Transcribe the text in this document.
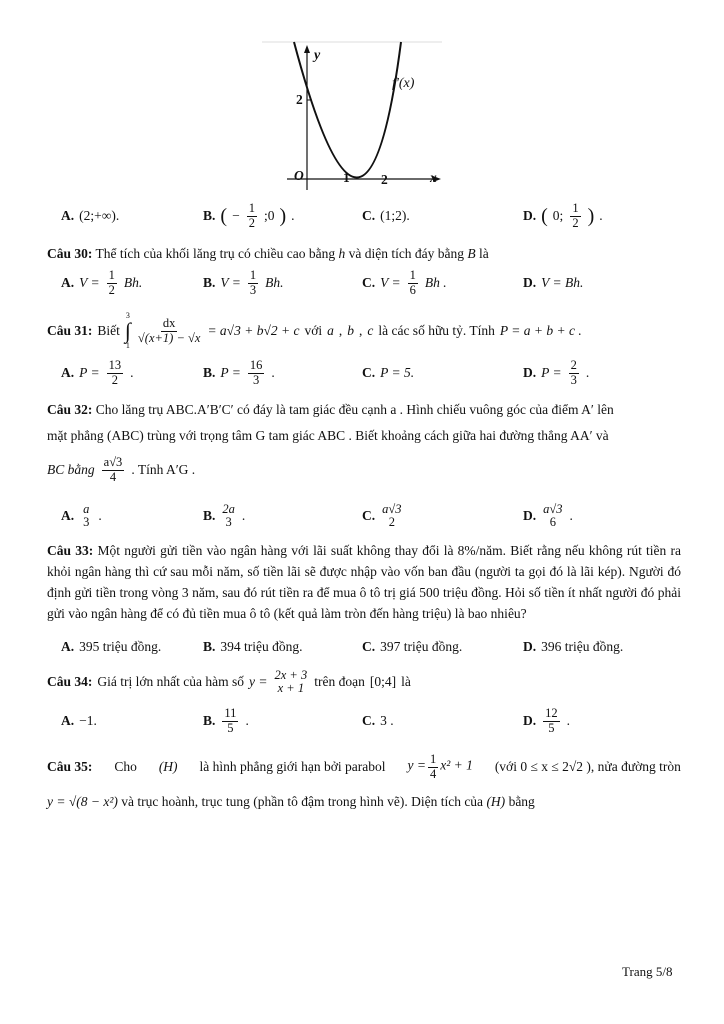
y
f'(x)
2
O	1 2	x
A. (2;+∞).	B. ( − $\frac{1}{2}$ ;0 ) .	C. (1;2).	D. ( 0; $\frac{1}{2}$ ) .
Câu 30: Thể tích của khối lăng trụ có chiều cao bằng h và diện tích đáy bằng B là
A. $V = \frac{1}{2} Bh$.	B. $V = \frac{1}{3} Bh$.	C. $V = \frac{1}{6}$ Bh .	D. V = Bh.
Câu 31: Biết
3
∫
1
$\frac{dx}{√(x+1) - √x} = a√3 + b√2 + c$ với a , b , c là các số hữu tỷ. Tính P = a + b + c .
A. $P = \frac{13}{2}$ .	B. $P = \frac{16}{3}$ .	C. P = 5.	D. $P = \frac{2}{3}$ .
Câu 32: Cho lăng trụ ABC.A′B′C′ có đáy là tam giác đều cạnh a . Hình chiếu vuông góc của điểm A′ lên
mặt phẳng (ABC) trùng với trọng tâm G tam giác ABC . Biết khoảng cách giữa hai đường thẳng AA′ và
BC bằng $\frac{a√3}{4}$ . Tính A′G .
A. a
3 .	B. 2a
3 .	C. a√3
2	D. a√3
6 .
Câu 33: Một người gửi tiền vào ngân hàng với lãi suất không thay đổi là 8%/năm. Biết rằng nếu không rút tiền ra khỏi ngân hàng thì cứ sau mỗi năm, số tiền lãi sẽ được nhập vào vốn ban đầu (người ta gọi đó là lãi kép). Người đó định gửi tiền trong vòng 3 năm, sau đó rút tiền ra để mua ô tô trị giá 500 triệu đồng. Hỏi số tiền ít nhất người đó phải gửi vào ngân hàng để có đủ tiền mua ô tô (kết quả làm tròn đến hàng triệu) là bao nhiêu?
A. 395 triệu đồng.	B. 394 triệu đồng.	C. 397 triệu đồng.	D. 396 triệu đồng.
Câu 34: Giá trị lớn nhất của hàm số y = 2x + 3
x + 1 trên đoạn [0;4] là
A. −1.	B. $\frac{11}{5}$ .	C. 3 .	D. $\frac{12}{5}$ .
Câu 35: Cho (H) là hình phẳng giới hạn bởi parabol $y = \frac{1}{4} x^2 + 1$ (với 0 ≤ x ≤ 2√2 ), nửa đường tròn
y = √(8 − x²) và trục hoành, trục tung (phần tô đậm trong hình vẽ). Diện tích của (H) bằng
Trang 5/8
